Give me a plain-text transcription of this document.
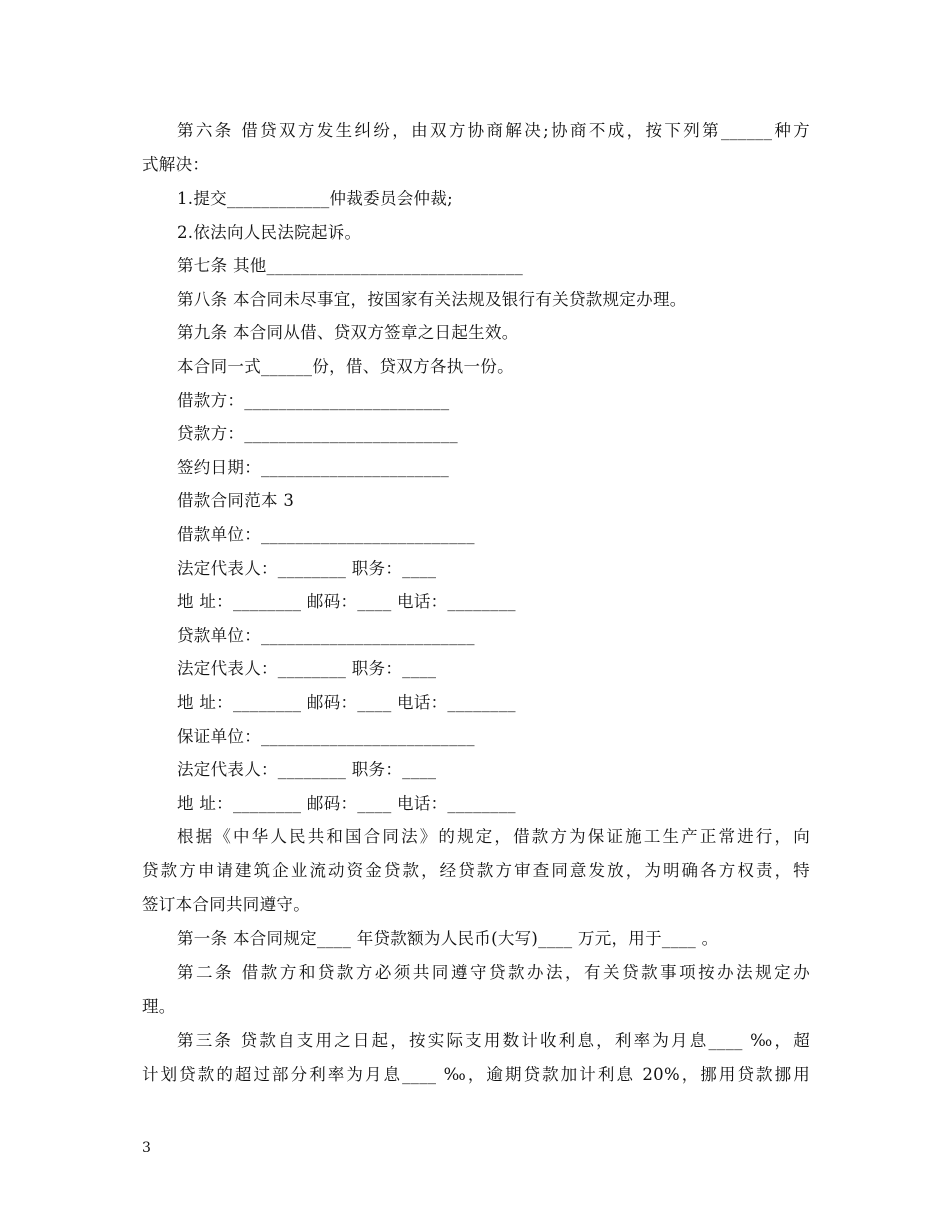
第六条 借贷双方发生纠纷，由双方协商解决;协商不成，按下列第______种方
式解决：
1.提交____________仲裁委员会仲裁;
2.依法向人民法院起诉。
第七条 其他______________________________
第八条 本合同未尽事宜，按国家有关法规及银行有关贷款规定办理。
第九条 本合同从借、贷双方签章之日起生效。
本合同一式______份，借、贷双方各执一份。
借款方：________________________
贷款方：_________________________
签约日期：______________________
借款合同范本 3
借款单位：_________________________
法定代表人：________ 职务：____
地 址：________ 邮码：____ 电话：________
贷款单位：_________________________
法定代表人：________ 职务：____
地 址：________ 邮码：____ 电话：________
保证单位：_________________________
法定代表人：________ 职务：____
地 址：________ 邮码：____ 电话：________
根据《中华人民共和国合同法》的规定，借款方为保证施工生产正常进行，向
贷款方申请建筑企业流动资金贷款，经贷款方审查同意发放，为明确各方权责，特
签订本合同共同遵守。
第一条 本合同规定____ 年贷款额为人民币(大写)____ 万元，用于____ 。
第二条 借款方和贷款方必须共同遵守贷款办法，有关贷款事项按办法规定办
理。
第三条 贷款自支用之日起，按实际支用数计收利息，利率为月息____ ‰，超
计划贷款的超过部分利率为月息____ ‰，逾期贷款加计利息 20%，挪用贷款挪用
3
